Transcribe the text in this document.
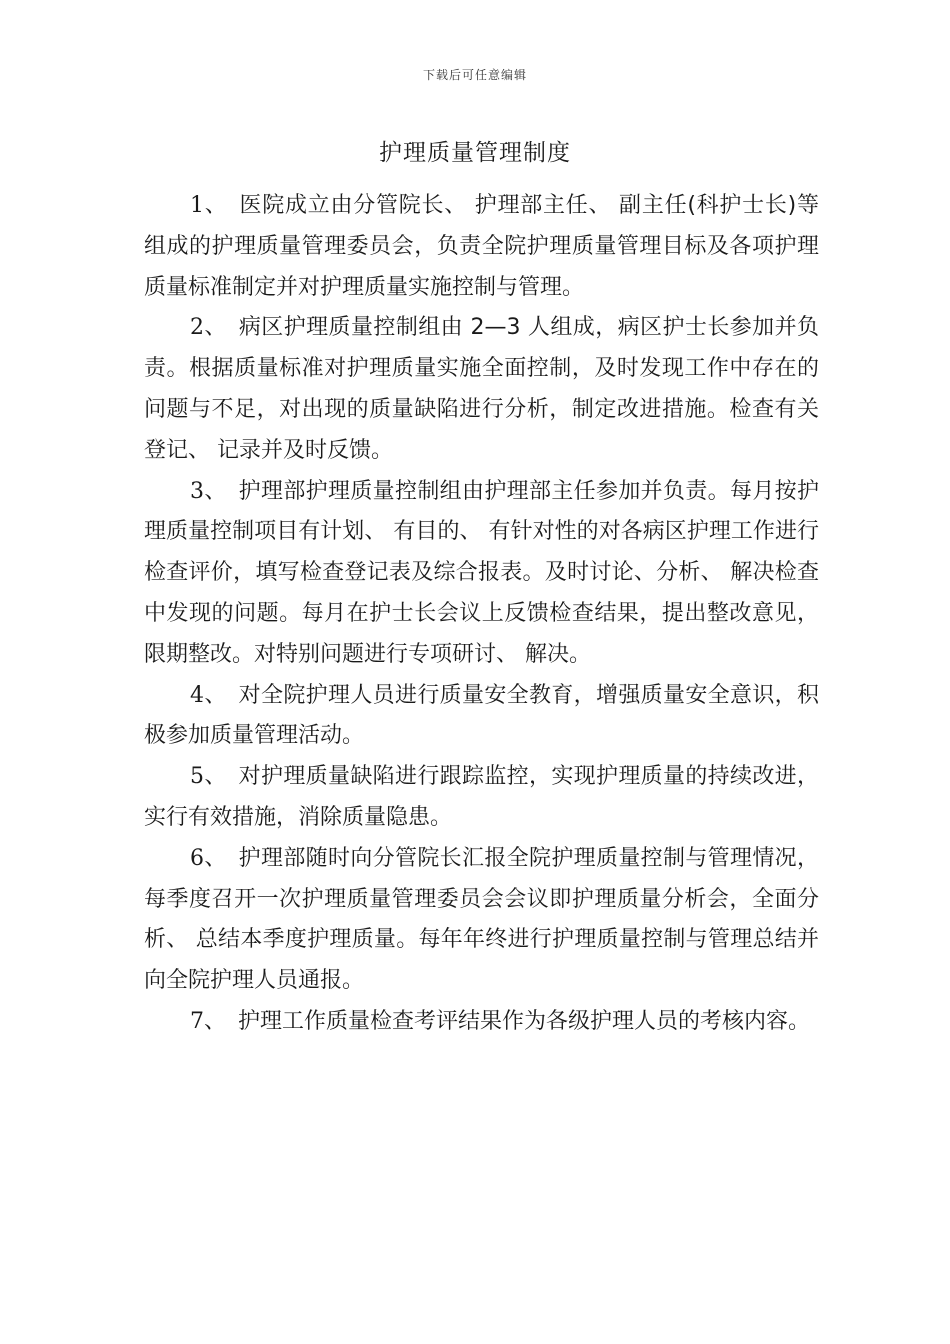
下载后可任意编辑
护理质量管理制度

1、 医院成立由分管院长、 护理部主任、 副主任(科护士长)等组成的护理质量管理委员会，负责全院护理质量管理目标及各项护理质量标准制定并对护理质量实施控制与管理。

2、 病区护理质量控制组由 2—3 人组成，病区护士长参加并负责。根据质量标准对护理质量实施全面控制，及时发现工作中存在的问题与不足，对出现的质量缺陷进行分析，制定改进措施。检查有关登记、 记录并及时反馈。

3、 护理部护理质量控制组由护理部主任参加并负责。每月按护理质量控制项目有计划、 有目的、 有针对性的对各病区护理工作进行检查评价，填写检查登记表及综合报表。及时讨论、分析、 解决检查中发现的问题。每月在护士长会议上反馈检查结果，提出整改意见，限期整改。对特别问题进行专项研讨、 解决。

4、 对全院护理人员进行质量安全教育，增强质量安全意识，积极参加质量管理活动。

5、 对护理质量缺陷进行跟踪监控，实现护理质量的持续改进，实行有效措施，消除质量隐患。

6、 护理部随时向分管院长汇报全院护理质量控制与管理情况，每季度召开一次护理质量管理委员会会议即护理质量分析会，全面分析、 总结本季度护理质量。每年年终进行护理质量控制与管理总结并向全院护理人员通报。

7、 护理工作质量检查考评结果作为各级护理人员的考核内容。
